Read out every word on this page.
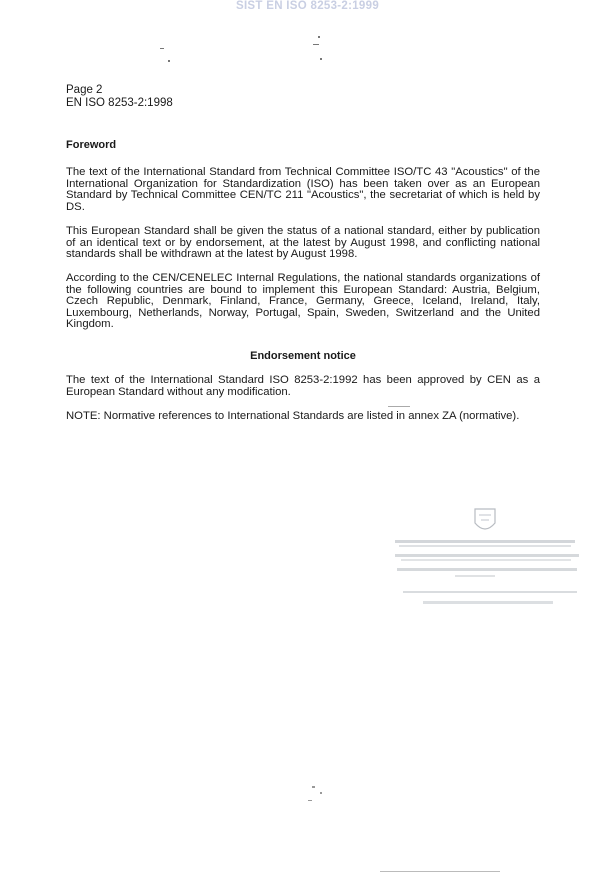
SIST EN ISO 8253-2:1999
Page 2
EN ISO 8253-2:1998
Foreword
The text of the International Standard from Technical Committee ISO/TC 43 "Acoustics" of the International Organization for Standardization (ISO) has been taken over as an European Standard by Technical Committee CEN/TC 211 "Acoustics", the secretariat of which is held by DS.
This European Standard shall be given the status of a national standard, either by publication of an identical text or by endorsement, at the latest by August 1998, and conflicting national standards shall be withdrawn at the latest by August 1998.
According to the CEN/CENELEC Internal Regulations, the national standards organizations of the following countries are bound to implement this European Standard: Austria, Belgium, Czech Republic, Denmark, Finland, France, Germany, Greece, Iceland, Ireland, Italy, Luxembourg, Netherlands, Norway, Portugal, Spain, Sweden, Switzerland and the United Kingdom.
Endorsement notice
The text of the International Standard ISO 8253-2:1992 has been approved by CEN as a European Standard without any modification.
NOTE: Normative references to International Standards are listed in annex ZA (normative).
